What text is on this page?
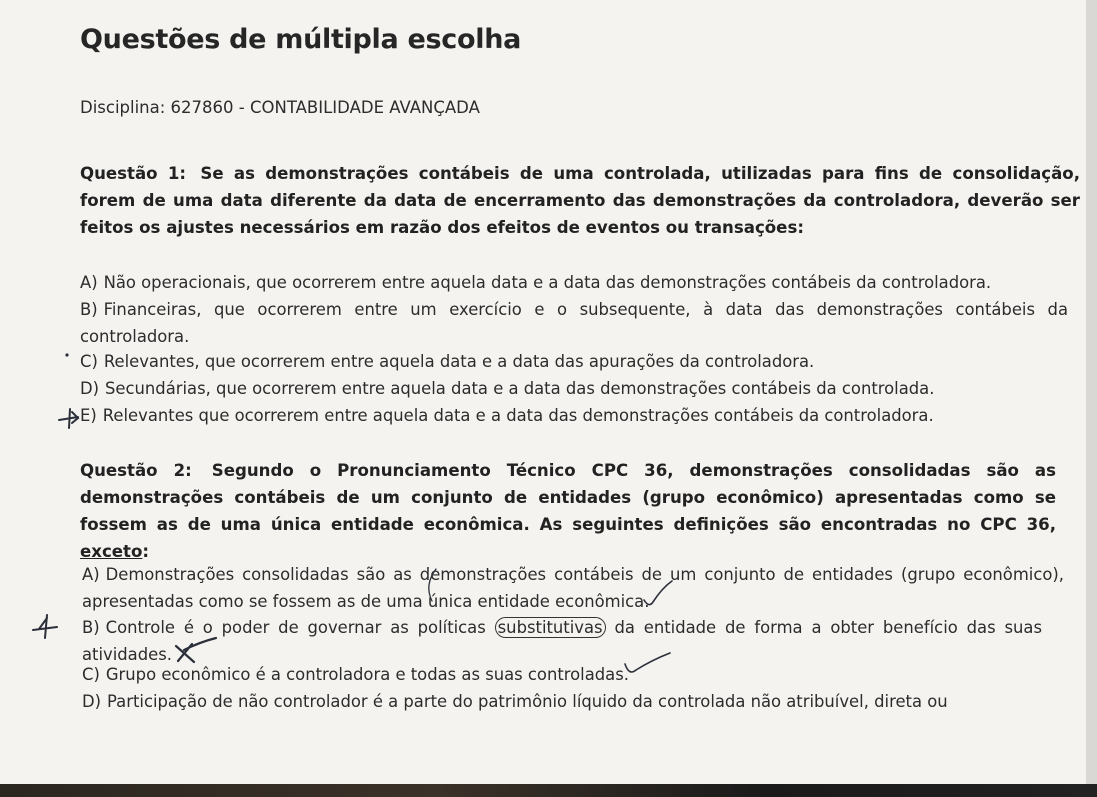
Questões de múltipla escolha
Disciplina: 627860 - CONTABILIDADE AVANÇADA
Questão 1: Se as demonstrações contábeis de uma controlada, utilizadas para fins de consolidação, forem de uma data diferente da data de encerramento das demonstrações da controladora, deverão ser feitos os ajustes necessários em razão dos efeitos de eventos ou transações:
A) Não operacionais, que ocorrerem entre aquela data e a data das demonstrações contábeis da controladora.
B) Financeiras, que ocorrerem entre um exercício e o subsequente, à data das demonstrações contábeis da controladora.
C) Relevantes, que ocorrerem entre aquela data e a data das apurações da controladora.
D) Secundárias, que ocorrerem entre aquela data e a data das demonstrações contábeis da controlada.
E) Relevantes que ocorrerem entre aquela data e a data das demonstrações contábeis da controladora.
Questão 2: Segundo o Pronunciamento Técnico CPC 36, demonstrações consolidadas são as demonstrações contábeis de um conjunto de entidades (grupo econômico) apresentadas como se fossem as de uma única entidade econômica. As seguintes definições são encontradas no CPC 36, exceto:
A) Demonstrações consolidadas são as demonstrações contábeis de um conjunto de entidades (grupo econômico), apresentadas como se fossem as de uma única entidade econômica.
B) Controle é o poder de governar as políticas substitutivas da entidade de forma a obter benefício das suas atividades.
C) Grupo econômico é a controladora e todas as suas controladas.
D) Participação de não controlador é a parte do patrimônio líquido da controlada não atribuível, direta ou
